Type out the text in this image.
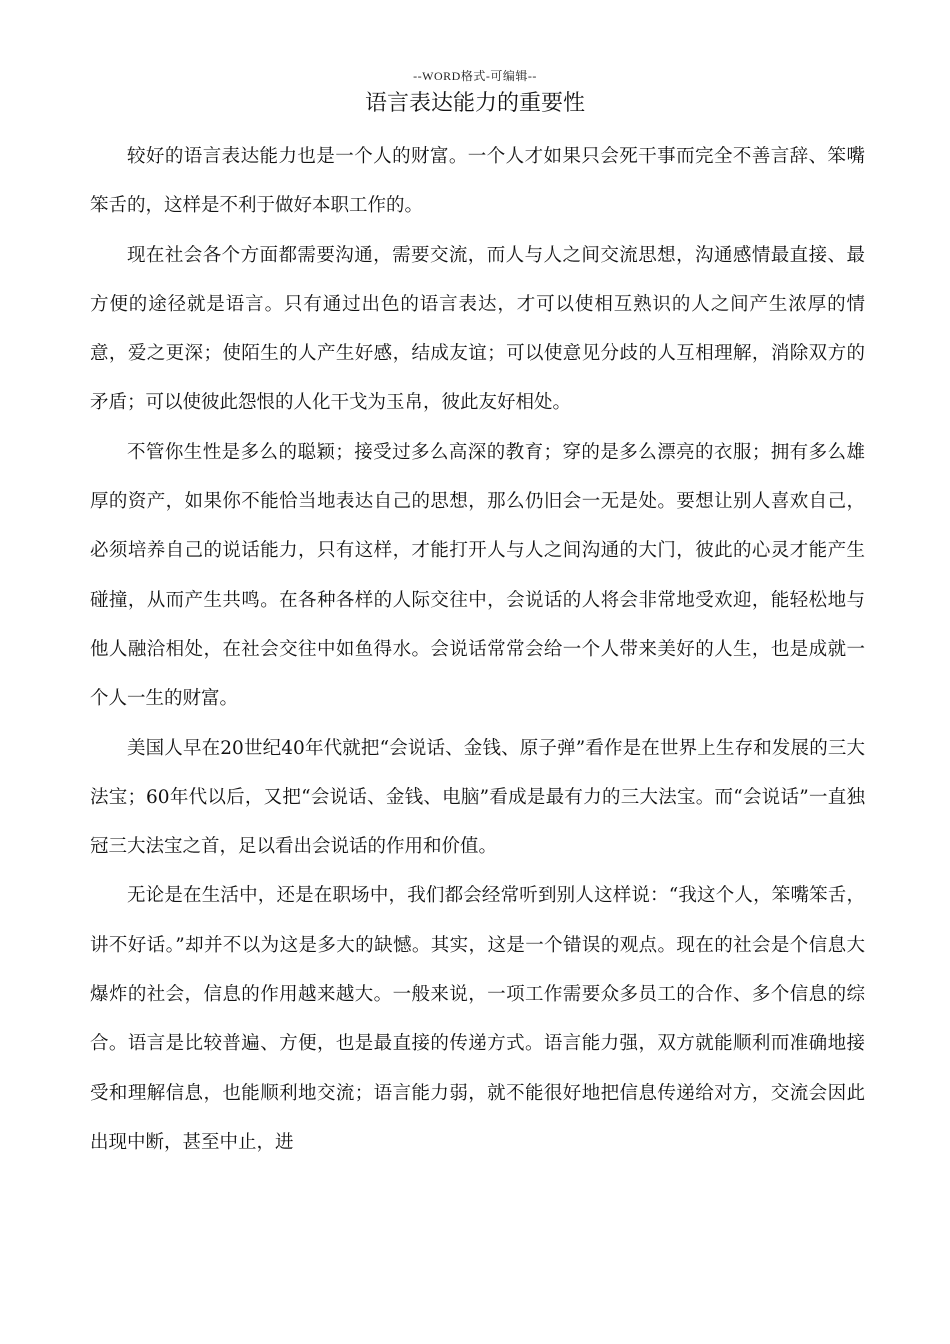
--WORD格式-可编辑--
语言表达能力的重要性

较好的语言表达能力也是一个人的财富。一个人才如果只会死干事而完全不善言辞、笨嘴笨舌的，这样是不利于做好本职工作的。

现在社会各个方面都需要沟通，需要交流，而人与人之间交流思想，沟通感情最直接、最方便的途径就是语言。只有通过出色的语言表达，才可以使相互熟识的人之间产生浓厚的情意，爱之更深；使陌生的人产生好感，结成友谊；可以使意见分歧的人互相理解，消除双方的矛盾；可以使彼此怨恨的人化干戈为玉帛，彼此友好相处。

不管你生性是多么的聪颖；接受过多么高深的教育；穿的是多么漂亮的衣服；拥有多么雄厚的资产，如果你不能恰当地表达自己的思想，那么仍旧会一无是处。要想让别人喜欢自己，必须培养自己的说话能力，只有这样，才能打开人与人之间沟通的大门，彼此的心灵才能产生碰撞，从而产生共鸣。在各种各样的人际交往中，会说话的人将会非常地受欢迎，能轻松地与他人融洽相处，在社会交往中如鱼得水。会说话常常会给一个人带来美好的人生，也是成就一个人一生的财富。

美国人早在20世纪40年代就把“会说话、金钱、原子弹”看作是在世界上生存和发展的三大法宝；60年代以后，又把“会说话、金钱、电脑”看成是最有力的三大法宝。而“会说话”一直独冠三大法宝之首，足以看出会说话的作用和价值。

无论是在生活中，还是在职场中，我们都会经常听到别人这样说：“我这个人，笨嘴笨舌，讲不好话。”却并不以为这是多大的缺憾。其实，这是一个错误的观点。现在的社会是个信息大爆炸的社会，信息的作用越来越大。一般来说，一项工作需要众多员工的合作、多个信息的综合。语言是比较普遍、方便，也是最直接的传递方式。语言能力强，双方就能顺利而准确地接受和理解信息，也能顺利地交流；语言能力弱，就不能很好地把信息传递给对方，交流会因此出现中断，甚至中止，进
